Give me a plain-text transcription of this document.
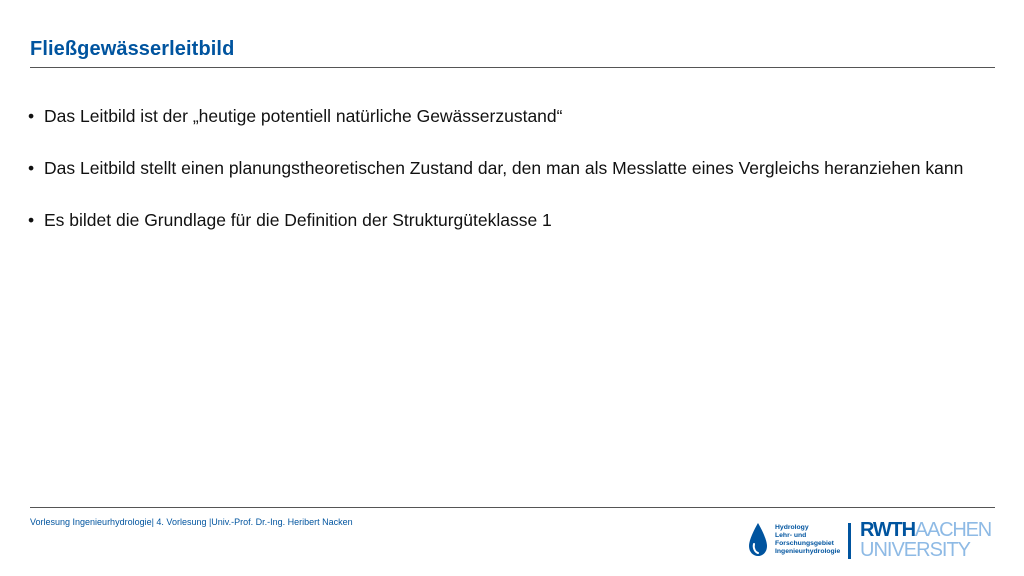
Fließgewässerleitbild
• Das Leitbild ist der „heutige potentiell natürliche Gewässerzustand“
• Das Leitbild stellt einen planungstheoretischen Zustand dar, den man als Messlatte eines Vergleichs heranziehen kann
• Es bildet die Grundlage für die Definition der Strukturgüteklasse 1
Vorlesung Ingenieurhydrologie| 4. Vorlesung |Univ.-Prof. Dr.-Ing. Heribert Nacken
Hydrology
Lehr- und
Forschungsgebiet
Ingenieurhydrologie
RWTHAACHEN
UNIVERSITY
